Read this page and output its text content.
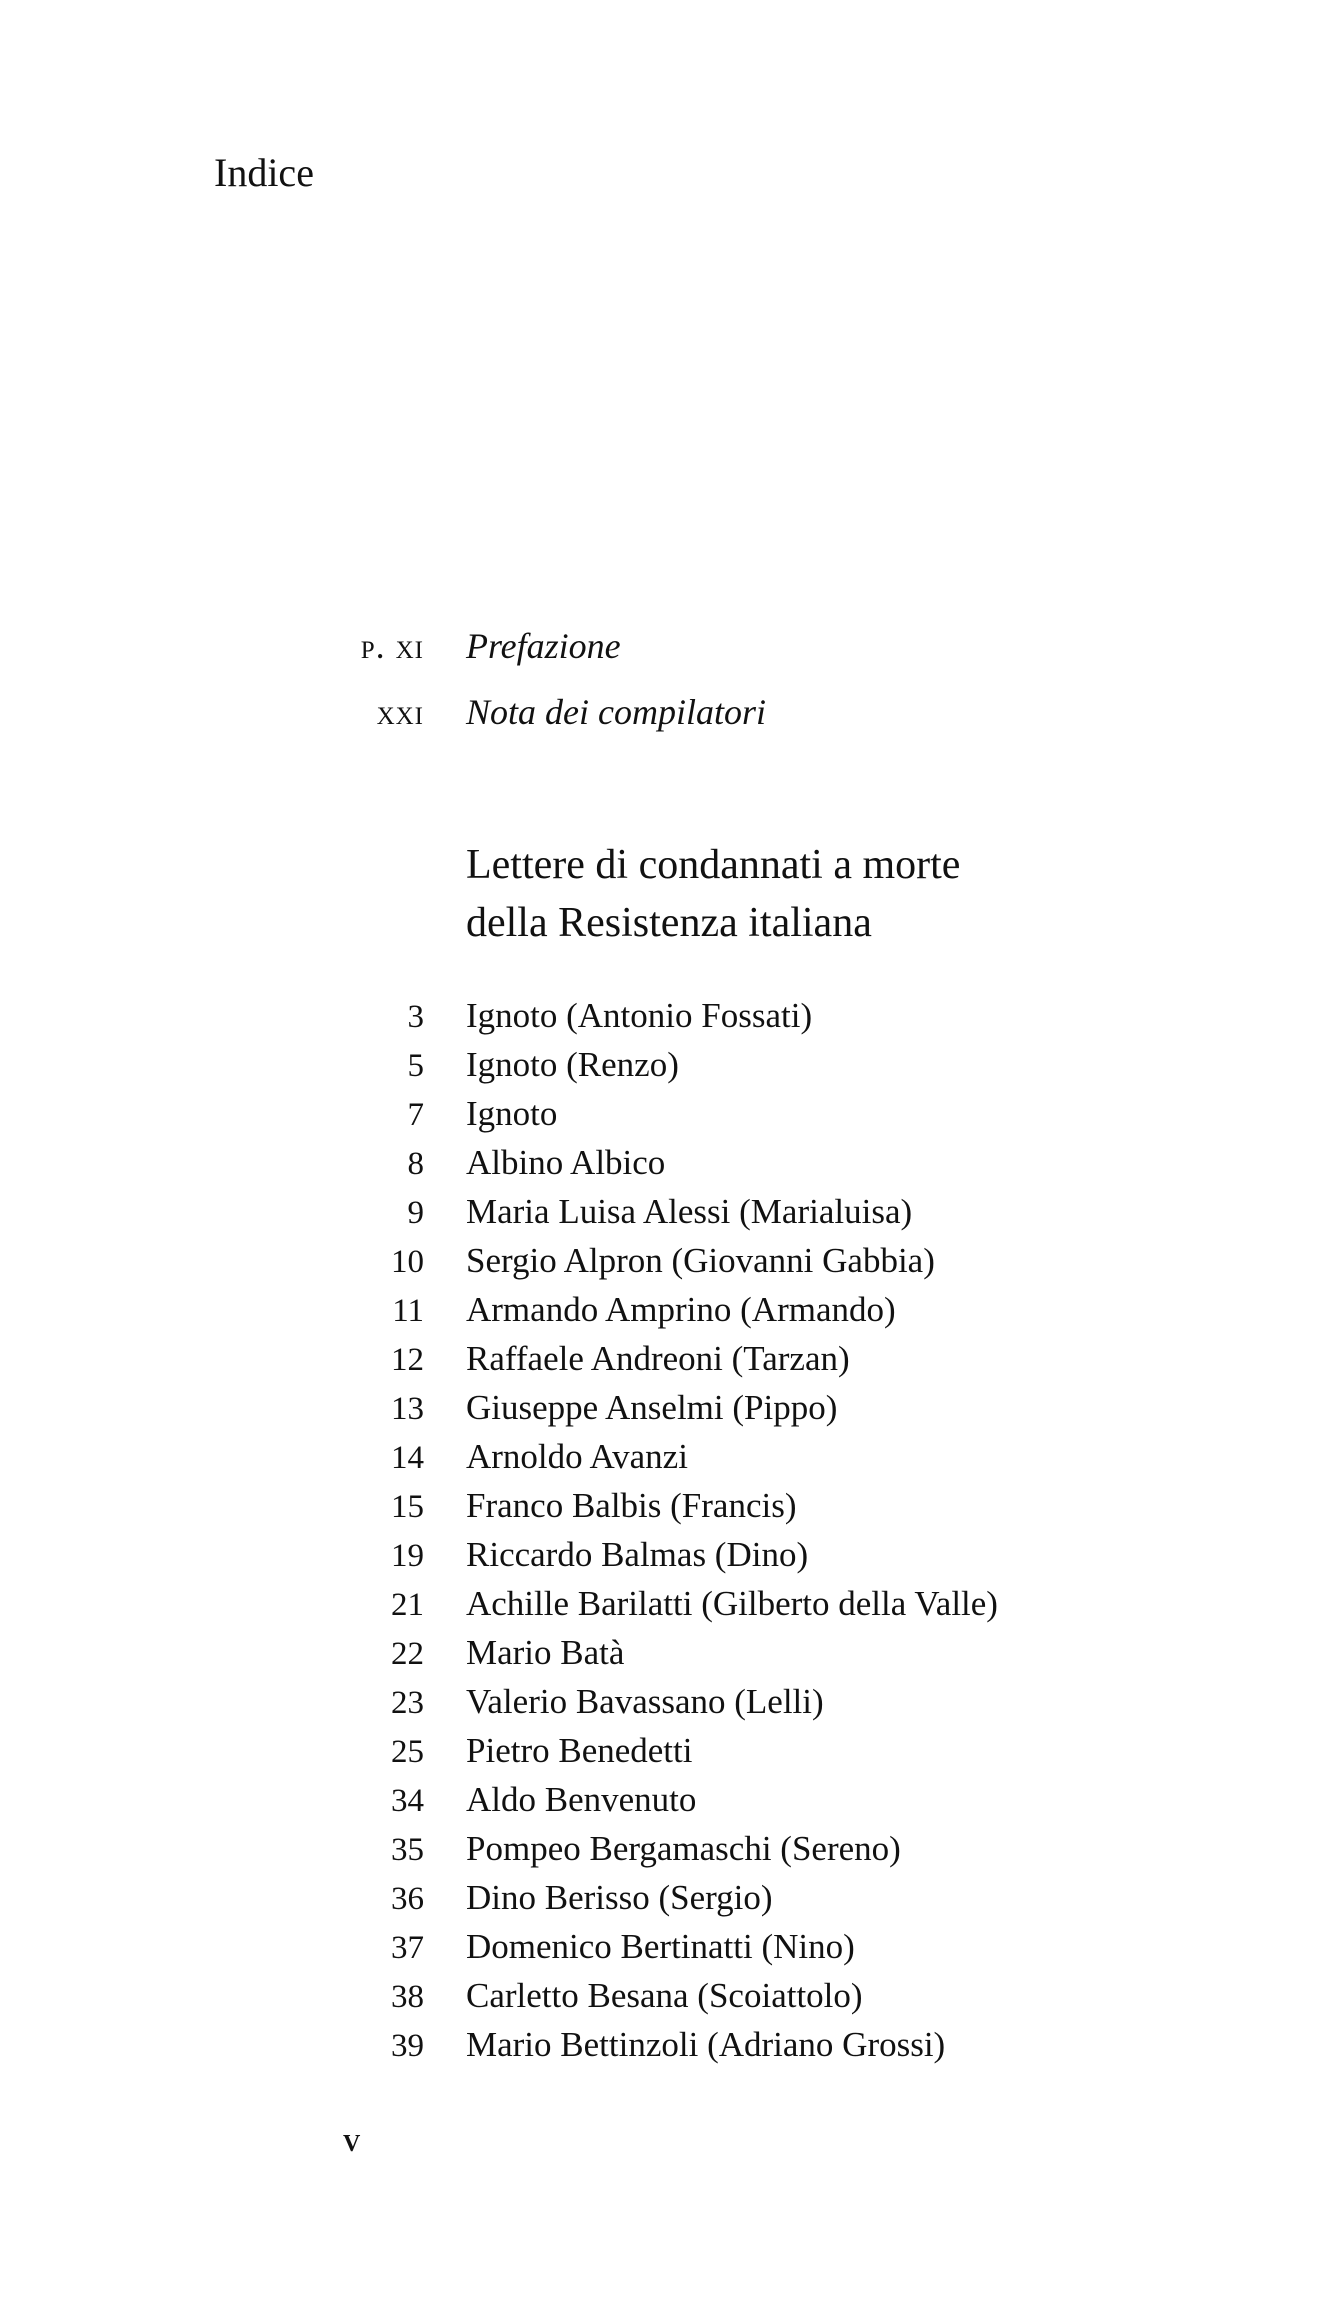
Indice
p. xi Prefazione
xxi Nota dei compilatori
Lettere di condannati a morte
della Resistenza italiana
3 Ignoto (Antonio Fossati)
5 Ignoto (Renzo)
7 Ignoto
8 Albino Albico
9 Maria Luisa Alessi (Marialuisa)
10 Sergio Alpron (Giovanni Gabbia)
11 Armando Amprino (Armando)
12 Raffaele Andreoni (Tarzan)
13 Giuseppe Anselmi (Pippo)
14 Arnoldo Avanzi
15 Franco Balbis (Francis)
19 Riccardo Balmas (Dino)
21 Achille Barilatti (Gilberto della Valle)
22 Mario Batà
23 Valerio Bavassano (Lelli)
25 Pietro Benedetti
34 Aldo Benvenuto
35 Pompeo Bergamaschi (Sereno)
36 Dino Berisso (Sergio)
37 Domenico Bertinatti (Nino)
38 Carletto Besana (Scoiattolo)
39 Mario Bettinzoli (Adriano Grossi)
v
